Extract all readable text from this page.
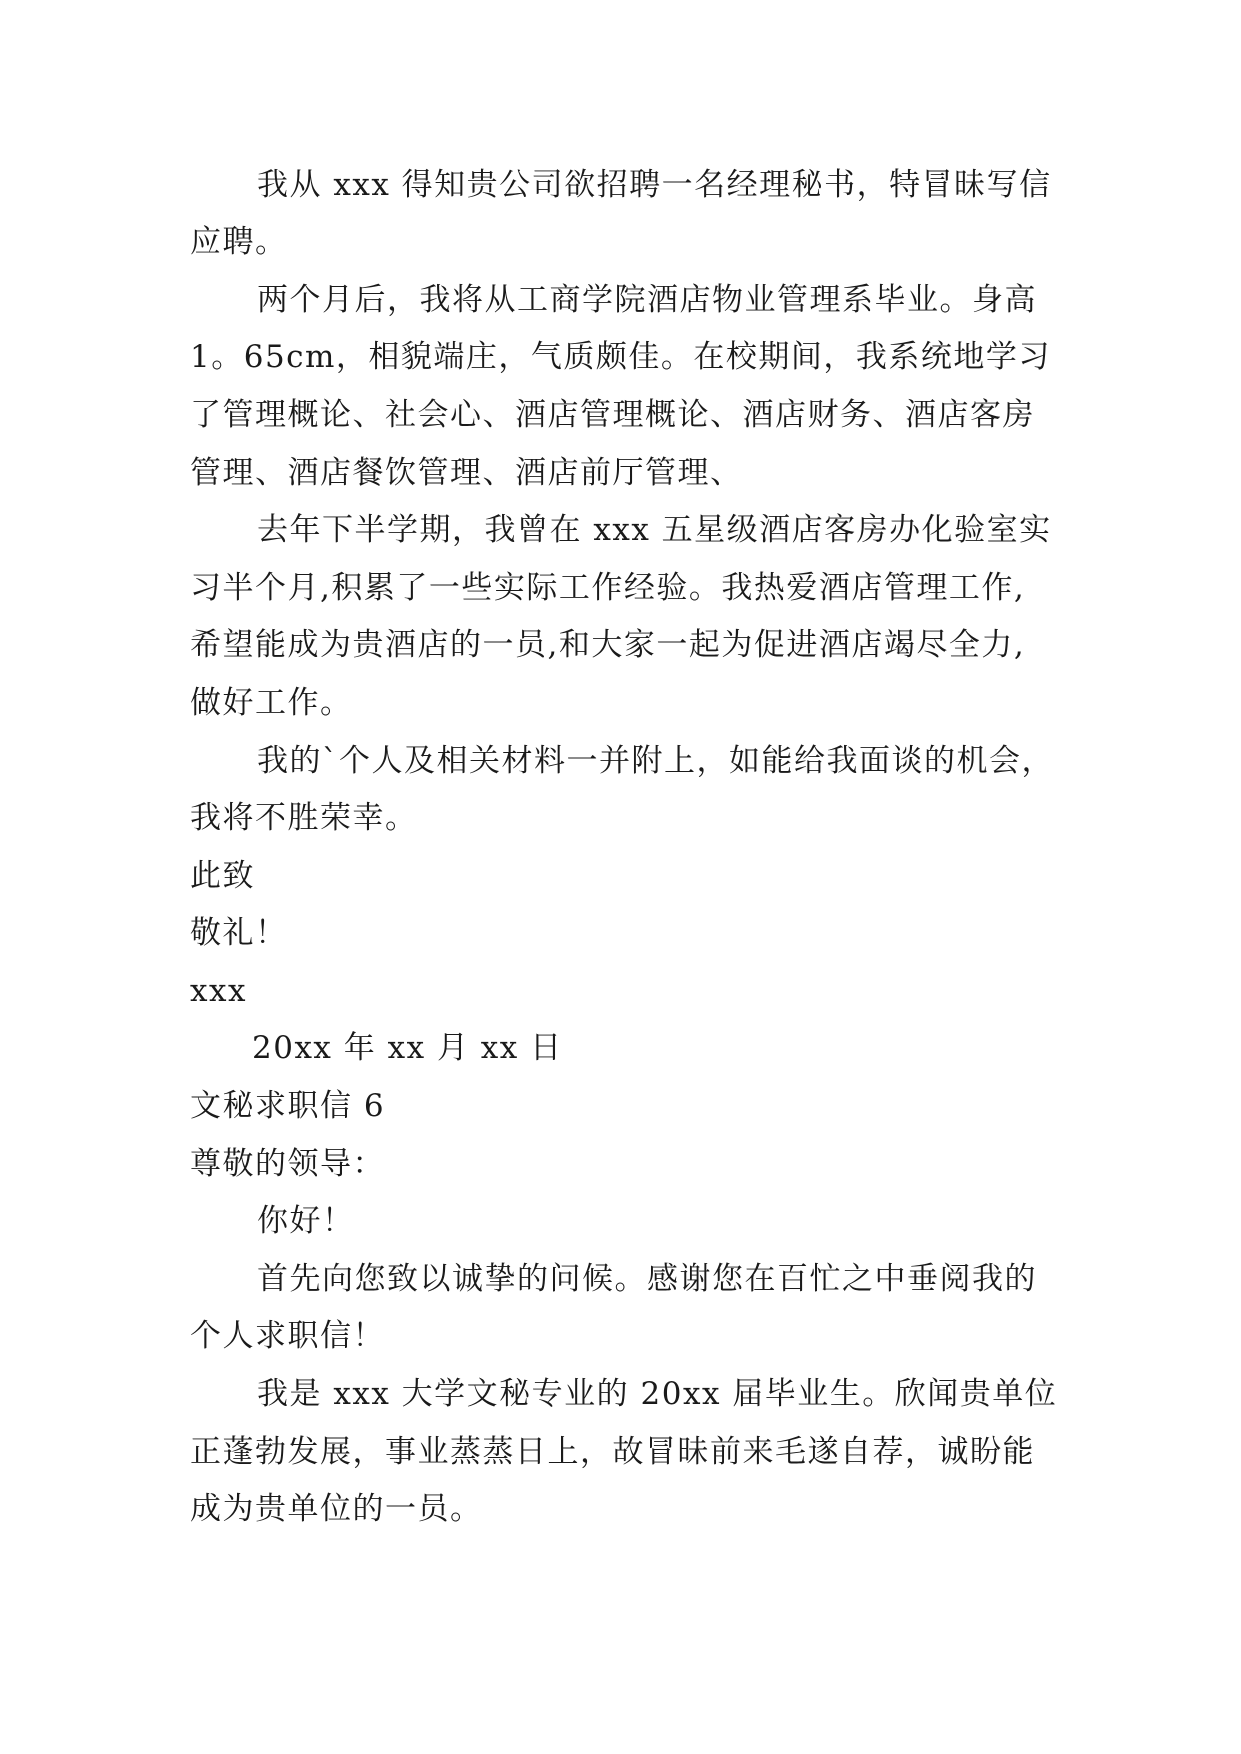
我从 xxx 得知贵公司欲招聘一名经理秘书，特冒昧写信

应聘。

两个月后，我将从工商学院酒店物业管理系毕业。身高

1。65cm，相貌端庄，气质颇佳。在校期间，我系统地学习

了管理概论、社会心、酒店管理概论、酒店财务、酒店客房

管理、酒店餐饮管理、酒店前厅管理、

去年下半学期，我曾在 xxx 五星级酒店客房办化验室实

习半个月,积累了一些实际工作经验。我热爱酒店管理工作,

希望能成为贵酒店的一员,和大家一起为促进酒店竭尽全力,

做好工作。

我的`个人及相关材料一并附上，如能给我面谈的机会，

我将不胜荣幸。

此致

敬礼！

xxx

20xx 年 xx 月 xx 日

文秘求职信 6

尊敬的领导：

你好！

首先向您致以诚挚的问候。感谢您在百忙之中垂阅我的

个人求职信！

我是 xxx 大学文秘专业的 20xx 届毕业生。欣闻贵单位

正蓬勃发展，事业蒸蒸日上，故冒昧前来毛遂自荐，诚盼能

成为贵单位的一员。
